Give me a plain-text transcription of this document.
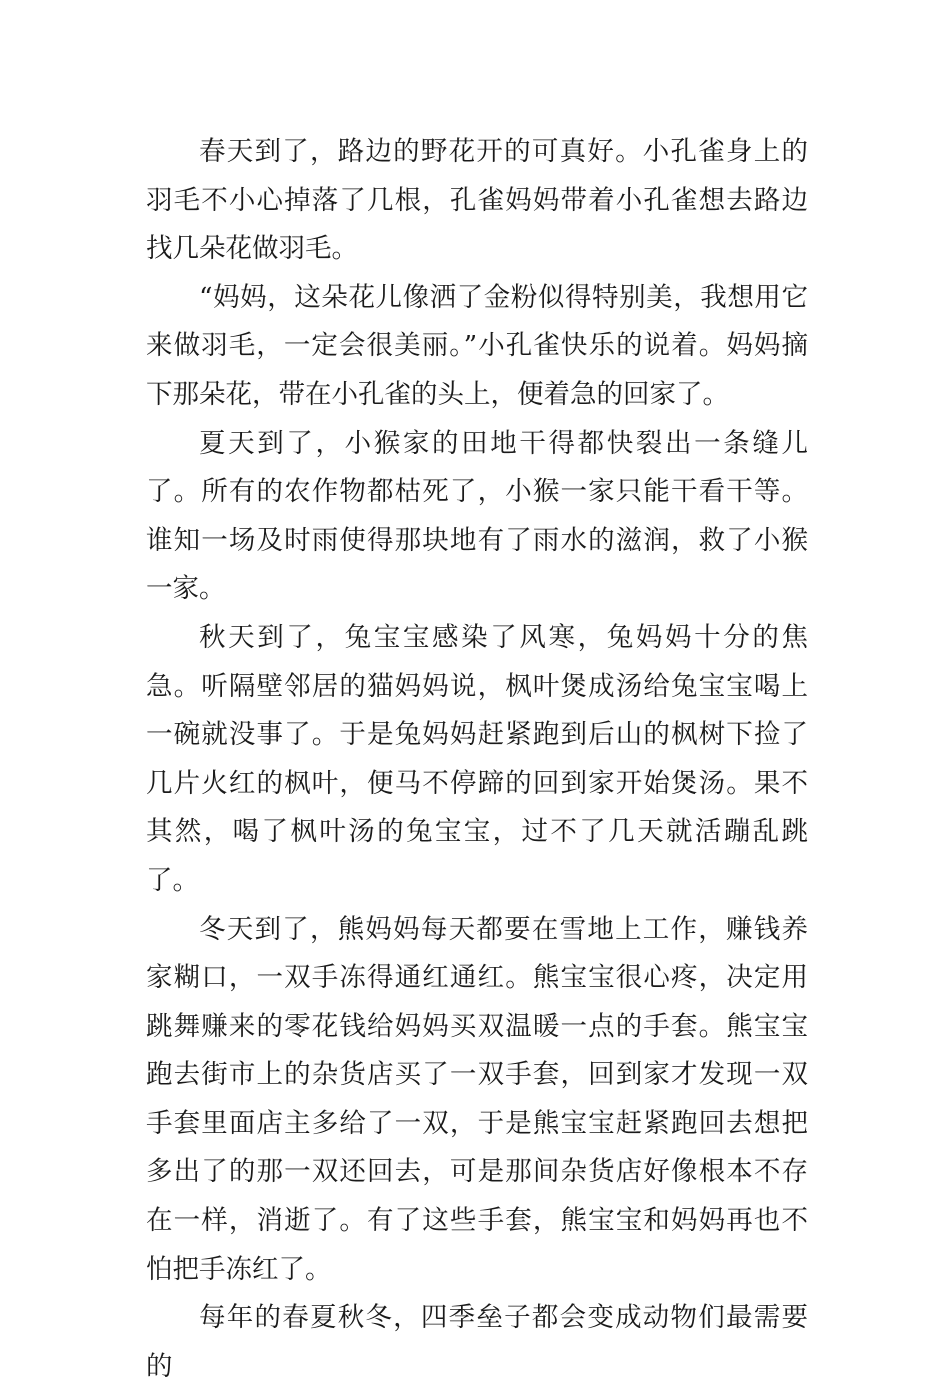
春天到了，路边的野花开的可真好。小孔雀身上的羽毛不小心掉落了几根，孔雀妈妈带着小孔雀想去路边找几朵花做羽毛。

“妈妈，这朵花儿像洒了金粉似得特别美，我想用它来做羽毛，一定会很美丽。”小孔雀快乐的说着。妈妈摘下那朵花，带在小孔雀的头上，便着急的回家了。

夏天到了，小猴家的田地干得都快裂出一条缝儿了。所有的农作物都枯死了，小猴一家只能干看干等。谁知一场及时雨使得那块地有了雨水的滋润，救了小猴一家。

秋天到了，兔宝宝感染了风寒，兔妈妈十分的焦急。听隔壁邻居的猫妈妈说，枫叶煲成汤给兔宝宝喝上一碗就没事了。于是兔妈妈赶紧跑到后山的枫树下捡了几片火红的枫叶，便马不停蹄的回到家开始煲汤。果不其然，喝了枫叶汤的兔宝宝，过不了几天就活蹦乱跳了。

冬天到了，熊妈妈每天都要在雪地上工作，赚钱养家糊口，一双手冻得通红通红。熊宝宝很心疼，决定用跳舞赚来的零花钱给妈妈买双温暖一点的手套。熊宝宝跑去街市上的杂货店买了一双手套，回到家才发现一双手套里面店主多给了一双，于是熊宝宝赶紧跑回去想把多出了的那一双还回去，可是那间杂货店好像根本不存在一样，消逝了。有了这些手套，熊宝宝和妈妈再也不怕把手冻红了。

每年的春夏秋冬，四季垒子都会变成动物们最需要的
